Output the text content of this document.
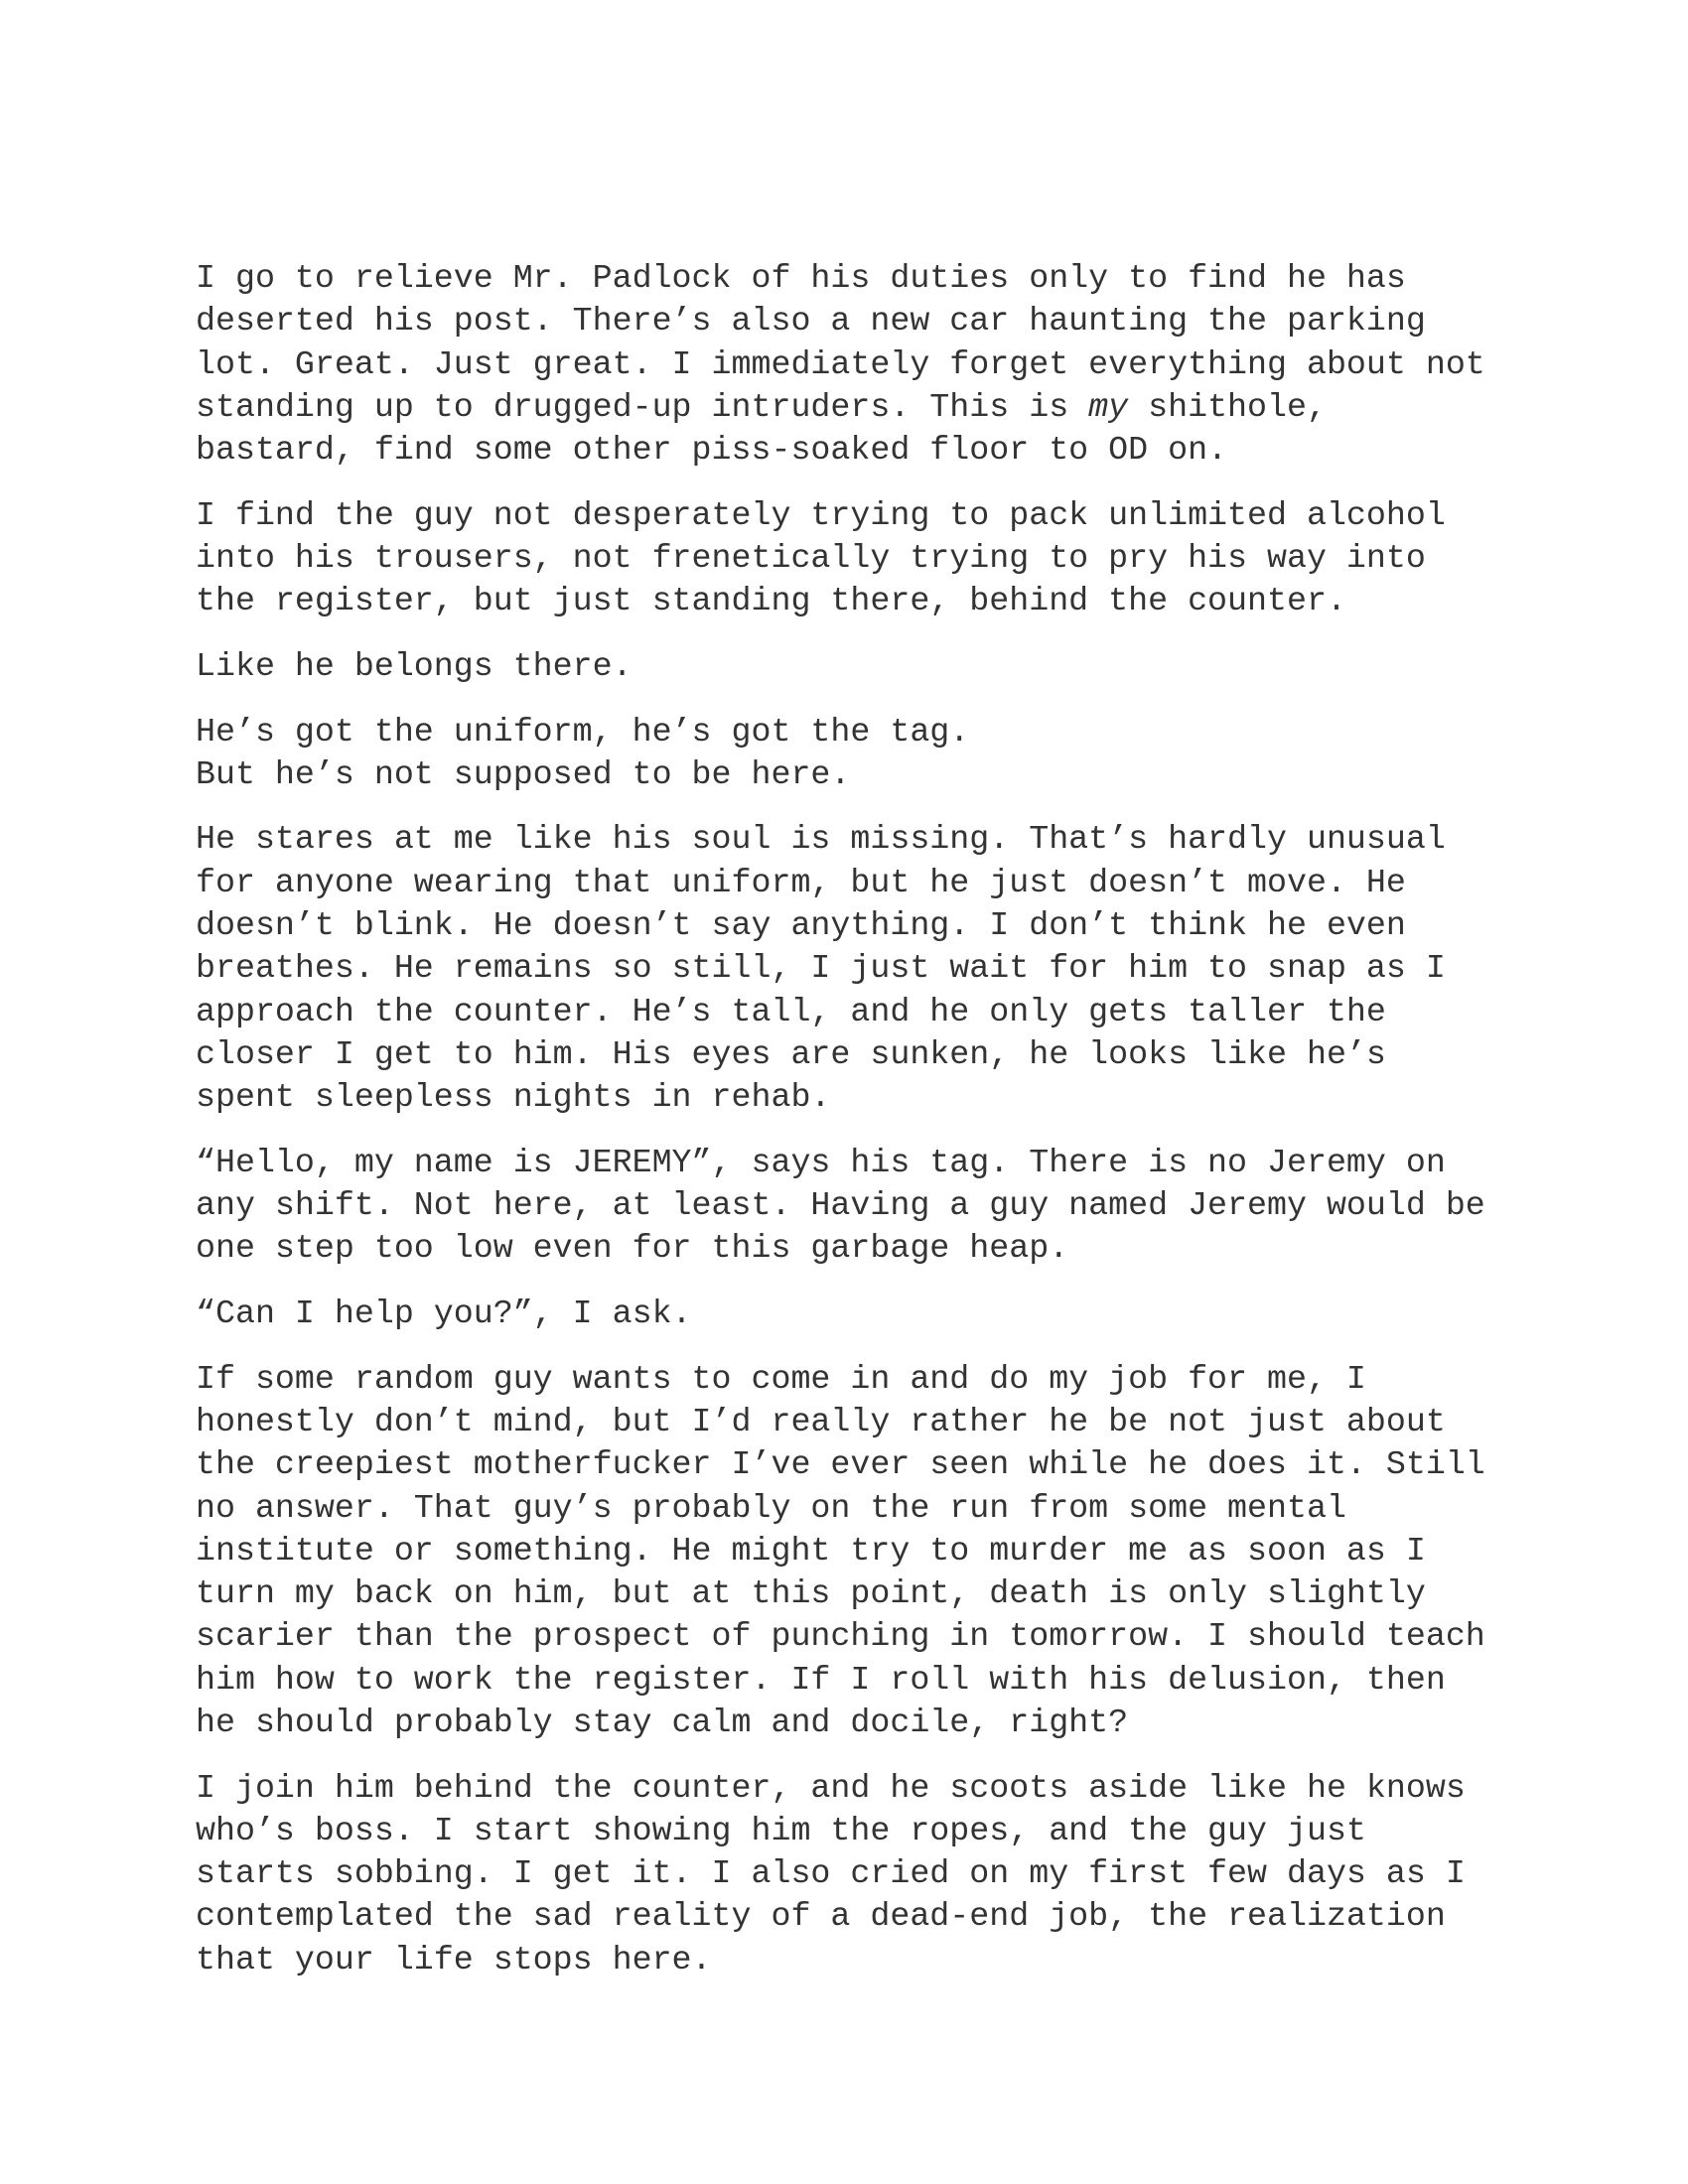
I go to relieve Mr. Padlock of his duties only to find he has
deserted his post. There’s also a new car haunting the parking
lot. Great. Just great. I immediately forget everything about not
standing up to drugged-up intruders. This is my shithole,
bastard, find some other piss-soaked floor to OD on.
I find the guy not desperately trying to pack unlimited alcohol
into his trousers, not frenetically trying to pry his way into
the register, but just standing there, behind the counter.
Like he belongs there.
He’s got the uniform, he’s got the tag.
But he’s not supposed to be here.
He stares at me like his soul is missing. That’s hardly unusual
for anyone wearing that uniform, but he just doesn’t move. He
doesn’t blink. He doesn’t say anything. I don’t think he even
breathes. He remains so still, I just wait for him to snap as I
approach the counter. He’s tall, and he only gets taller the
closer I get to him. His eyes are sunken, he looks like he’s
spent sleepless nights in rehab.
“Hello, my name is JEREMY”, says his tag. There is no Jeremy on
any shift. Not here, at least. Having a guy named Jeremy would be
one step too low even for this garbage heap.
“Can I help you?”, I ask.
If some random guy wants to come in and do my job for me, I
honestly don’t mind, but I’d really rather he be not just about
the creepiest motherfucker I’ve ever seen while he does it. Still
no answer. That guy’s probably on the run from some mental
institute or something. He might try to murder me as soon as I
turn my back on him, but at this point, death is only slightly
scarier than the prospect of punching in tomorrow. I should teach
him how to work the register. If I roll with his delusion, then
he should probably stay calm and docile, right?
I join him behind the counter, and he scoots aside like he knows
who’s boss. I start showing him the ropes, and the guy just
starts sobbing. I get it. I also cried on my first few days as I
contemplated the sad reality of a dead-end job, the realization
that your life stops here.
